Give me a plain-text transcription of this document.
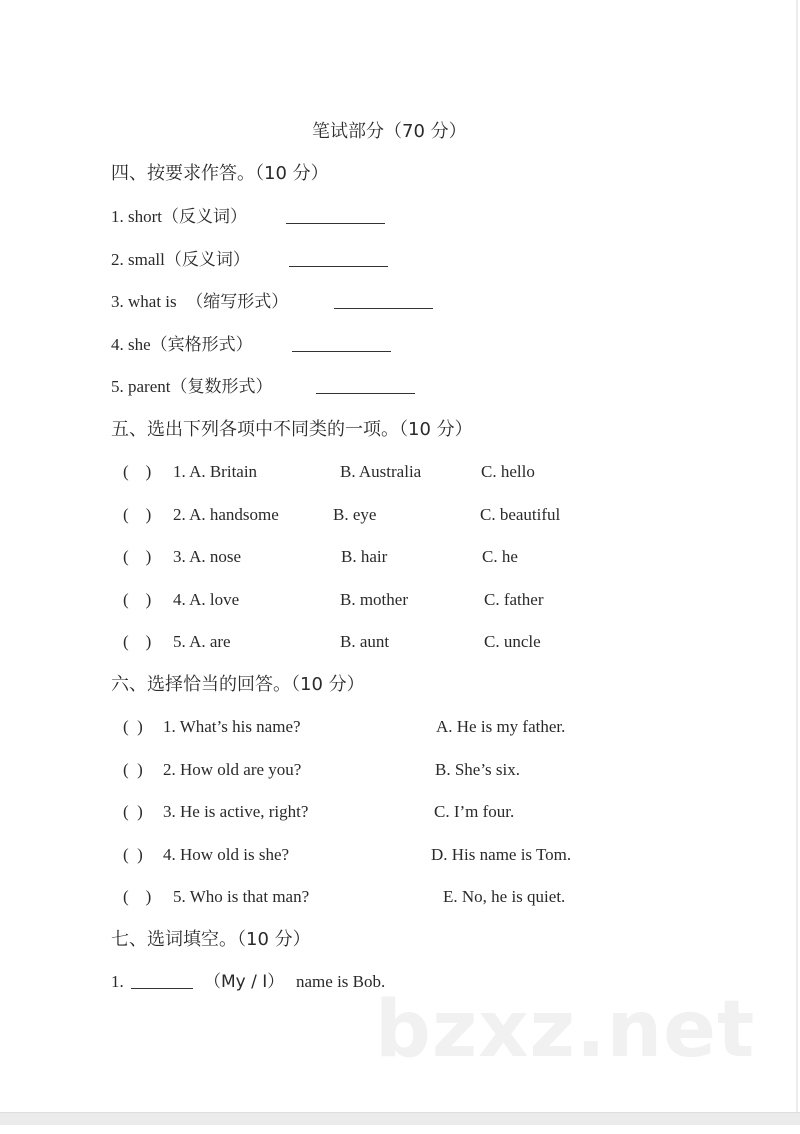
笔试部分（70 分）
四、按要求作答。（10 分）
1. short（反义词）
2. small（反义词）
3. what is  （缩写形式）
4. she（宾格形式）
5. parent（复数形式）
五、选出下列各项中不同类的一项。（10 分）
(    ) 1. A. Britain	B. Australia	C. hello
(    ) 2. A. handsome	B. eye	C. beautiful
(    ) 3. A. nose	B. hair	C. he
(    ) 4. A. love	B. mother	C. father
(    ) 5. A. are	B. aunt	C. uncle
六、选择恰当的回答。（10 分）
(  ) 1. What’s his name?	A. He is my father.
(  ) 2. How old are you?	B. She’s six.
(  ) 3. He is active, right?	C. I’m four.
(  ) 4. How old is she?	D. His name is Tom.
(    ) 5. Who is that man?	E. No, he is quiet.
七、选词填空。（10 分）
1.	（My / I） name is Bob.
bzxz.net
